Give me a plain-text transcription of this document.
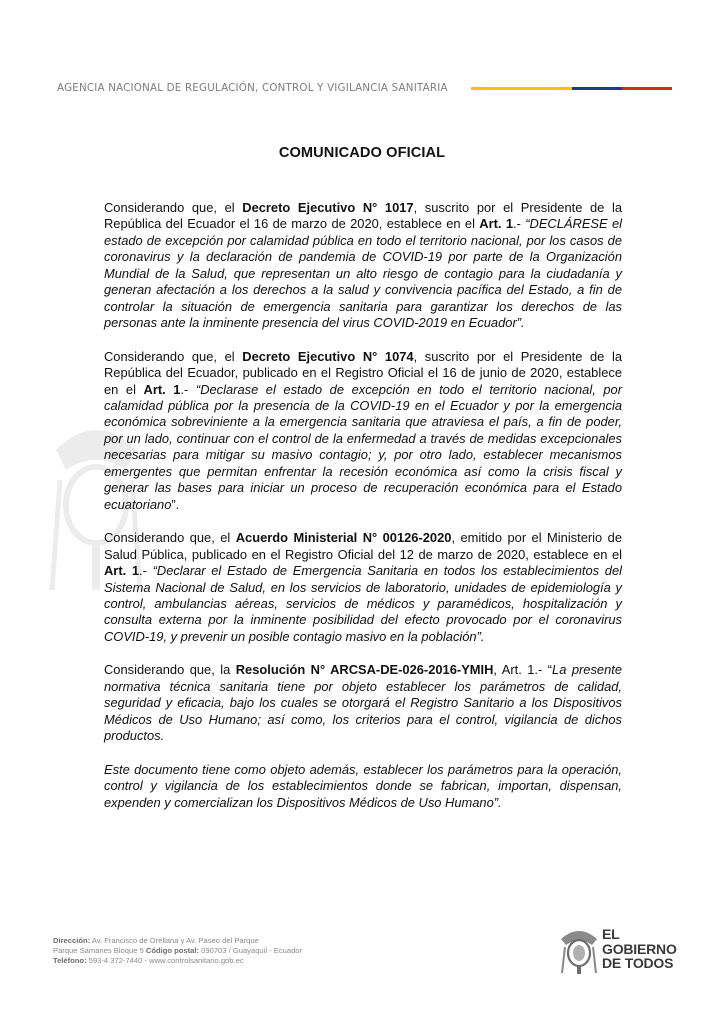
AGENCIA NACIONAL DE REGULACIÓN, CONTROL Y VIGILANCIA SANITARIA
COMUNICADO OFICIAL

Considerando que, el Decreto Ejecutivo N° 1017, suscrito por el Presidente de la República del Ecuador el 16 de marzo de 2020, establece en el Art. 1.- “DECLÁRESE el estado de excepción por calamidad pública en todo el territorio nacional, por los casos de coronavirus y la declaración de pandemia de COVID-19 por parte de la Organización Mundial de la Salud, que representan un alto riesgo de contagio para la ciudadanía y generan afectación a los derechos a la salud y convivencia pacífica del Estado, a fin de controlar la situación de emergencia sanitaria para garantizar los derechos de las personas ante la inminente presencia del virus COVID-2019 en Ecuador”.

Considerando que, el Decreto Ejecutivo N° 1074, suscrito por el Presidente de la República del Ecuador, publicado en el Registro Oficial el 16 de junio de 2020, establece en el Art. 1.- “Declarase el estado de excepción en todo el territorio nacional, por calamidad pública por la presencia de la COVID-19 en el Ecuador y por la emergencia económica sobreviniente a la emergencia sanitaria que atraviesa el país, a fin de poder, por un lado, continuar con el control de la enfermedad a través de medidas excepcionales necesarias para mitigar su masivo contagio; y, por otro lado, establecer mecanismos emergentes que permitan enfrentar la recesión económica así como la crisis fiscal y generar las bases para iniciar un proceso de recuperación económica para el Estado ecuatoriano”.

Considerando que, el Acuerdo Ministerial N° 00126-2020, emitido por el Ministerio de Salud Pública, publicado en el Registro Oficial del 12 de marzo de 2020, establece en el Art. 1.- “Declarar el Estado de Emergencia Sanitaria en todos los establecimientos del Sistema Nacional de Salud, en los servicios de laboratorio, unidades de epidemiología y control, ambulancias aéreas, servicios de médicos y paramédicos, hospitalización y consulta externa por la inminente posibilidad del efecto provocado por el coronavirus COVID-19, y prevenir un posible contagio masivo en la población”.

Considerando que, la Resolución N° ARCSA-DE-026-2016-YMIH, Art. 1.- “La presente normativa técnica sanitaria tiene por objeto establecer los parámetros de calidad, seguridad y eficacia, bajo los cuales se otorgará el Registro Sanitario a los Dispositivos Médicos de Uso Humano; así como, los criterios para el control, vigilancia de dichos productos.

Este documento tiene como objeto además, establecer los parámetros para la operación, control y vigilancia de los establecimientos donde se fabrican, importan, dispensan, expenden y comercializan los Dispositivos Médicos de Uso Humano”.

Dirección: Av. Francisco de Orellana y Av. Paseo del Parque
Parque Samanes Bloque 5 Código postal: 090703 / Guayaquil - Ecuador
Teléfono: 593-4 372-7440 - www.controlsanitario.gob.ec
EL
GOBIERNO
DE TODOS
